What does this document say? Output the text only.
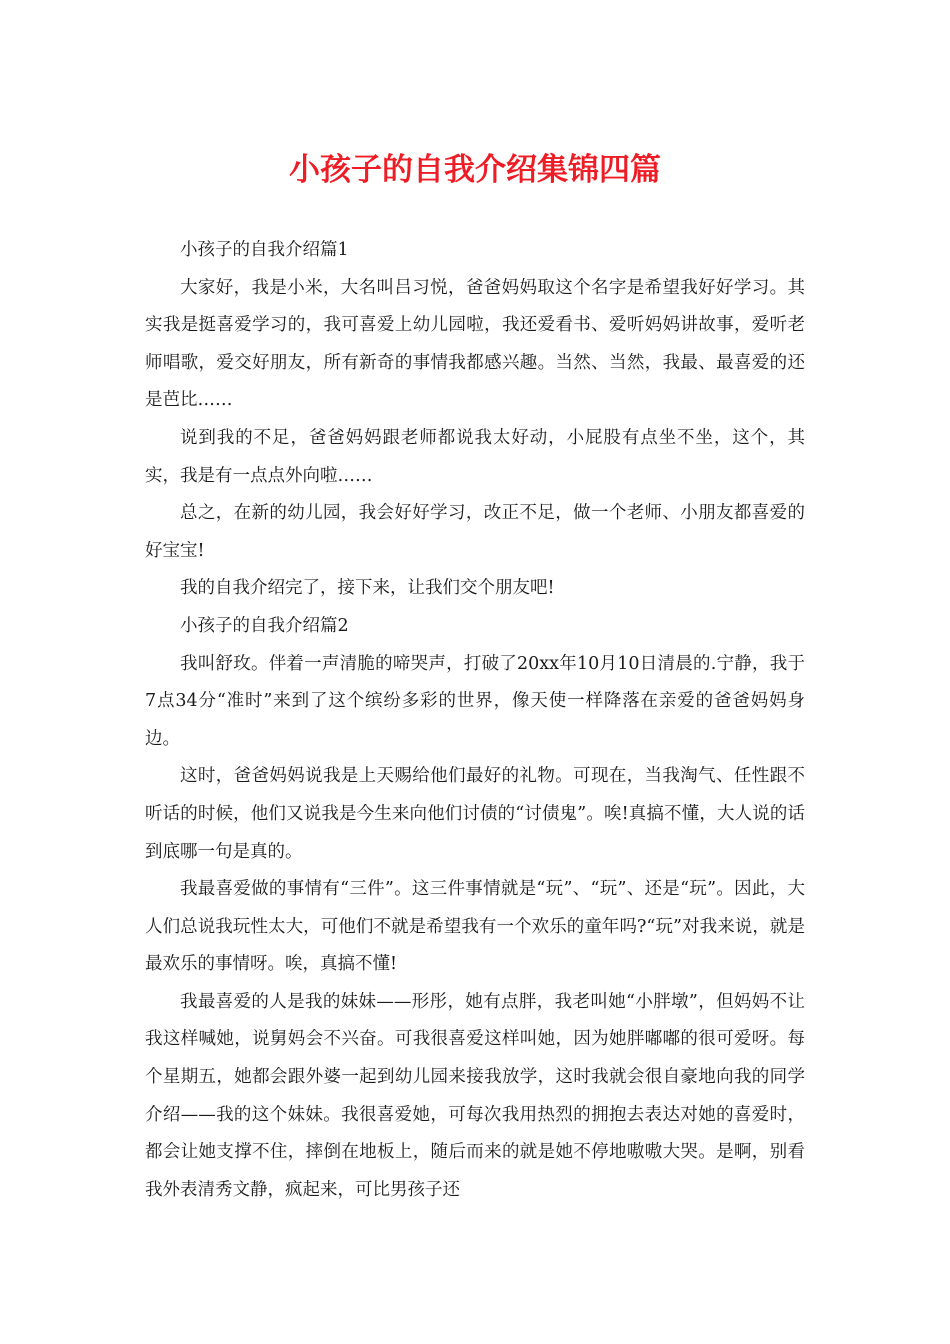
小孩子的自我介绍集锦四篇

小孩子的自我介绍篇1

大家好，我是小米，大名叫吕习悦，爸爸妈妈取这个名字是希望我好好学习。其实我是挺喜爱学习的，我可喜爱上幼儿园啦，我还爱看书、爱听妈妈讲故事，爱听老师唱歌，爱交好朋友，所有新奇的事情我都感兴趣。当然、当然，我最、最喜爱的还是芭比……

说到我的不足，爸爸妈妈跟老师都说我太好动，小屁股有点坐不坐，这个，其实，我是有一点点外向啦……

总之，在新的幼儿园，我会好好学习，改正不足，做一个老师、小朋友都喜爱的好宝宝!

我的自我介绍完了，接下来，让我们交个朋友吧!

小孩子的自我介绍篇2

我叫舒玫。伴着一声清脆的啼哭声，打破了20xx年10月10日清晨的.宁静，我于7点34分“准时”来到了这个缤纷多彩的世界，像天使一样降落在亲爱的爸爸妈妈身边。

这时，爸爸妈妈说我是上天赐给他们最好的礼物。可现在，当我淘气、任性跟不听话的时候，他们又说我是今生来向他们讨债的“讨债鬼”。唉!真搞不懂，大人说的话到底哪一句是真的。

我最喜爱做的事情有“三件”。这三件事情就是“玩”、“玩”、还是“玩”。因此，大人们总说我玩性太大，可他们不就是希望我有一个欢乐的童年吗?“玩”对我来说，就是最欢乐的事情呀。唉，真搞不懂!

我最喜爱的人是我的妹妹——形彤，她有点胖，我老叫她“小胖墩”，但妈妈不让我这样喊她，说舅妈会不兴奋。可我很喜爱这样叫她，因为她胖嘟嘟的很可爱呀。每个星期五，她都会跟外婆一起到幼儿园来接我放学，这时我就会很自豪地向我的同学介绍——我的这个妹妹。我很喜爱她，可每次我用热烈的拥抱去表达对她的喜爱时，都会让她支撑不住，摔倒在地板上，随后而来的就是她不停地嗷嗷大哭。是啊，别看我外表清秀文静，疯起来，可比男孩子还
